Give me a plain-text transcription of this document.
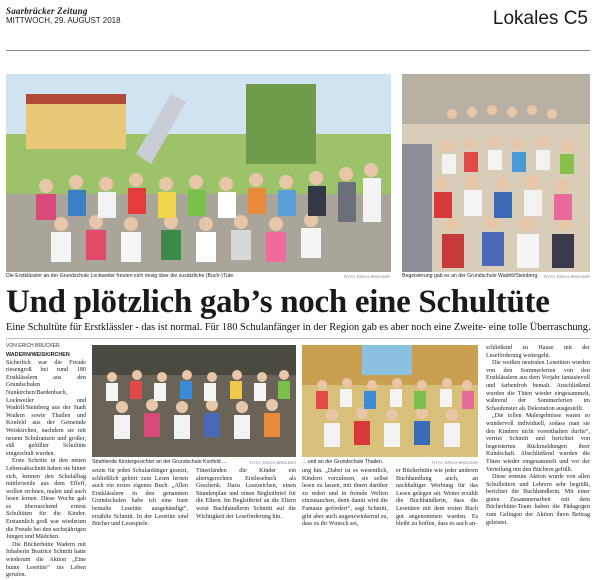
Saarbrücker Zeitung
MITTWOCH, 29. AUGUST 2018	Lokales C5
Die Erstklässler an der Grundschule Lockweiler freuten sich riesig über die zusätzliche (Buch-)Tüte.	FOTO: ERICH BRÜCKER Begeisterung gab es an der Grundschule Wadrill/Steinberg.	FOTO: ERICH BRÜCKER
Und plötzlich gab’s noch eine Schultüte
Eine Schultüte für Erstklässler - das ist normal. Für 180 Schulanfänger in der Region gab es aber noch eine Zweite- eine tolle Überraschung.
VON ERICH BRÜCKER

WADERN/WEISKIRCHEN Sicherlich war die Freude riesengroß bei rund 180 Erstklässlern aus den Grundschulen Nunkirchen/Bardenbach, Lockweiler und Wadrill/Steinberg aus der Stadt Wadern sowie Thailen und Konfeld aus der Gemeinde Weiskirchen, nachdem sie mit neuem Schulranzen und großer, süß gefüllter Schultüte eingeschult wurden.

Erste Schritte in den neuen Lebensabschnitt haben sie hinter sich, kennen den Schulalltag mittlerweile aus dem Effeff, wollen rechnen, malen und auch lesen lernen. Diese Woche gab es überraschend erneut Schultüten für die Kinder. Erstaunlich groß war wiederum die Freude bei den sechsjährigen Jungen und Mädchen.

Die Bücherhütte Wadern mit Inhaberin Beatrice Schmitt hatte wiederum die Aktion „Eine bunte Lesetüte“ ins Leben gerufen.

Strahlende Kindergesichter an der Grundschule Konfeld ...	FOTO: ERICH BRÜCKER ... und an der Grundschule Thailen.	FOTO: ERICH BRÜCKER

setzte für jeden Schulanfänger gesetzt, schließlich gehört zum Lesen lernen auch ein erstes eigenes Buch. „Allen Erstklässlern in den genannten Grundschulen habe ich eine bunt bemalte Lesetüte ausgehändigt“, erzählte Schmitt. In der Lesetüte sind Bücher und Lesespiele.

Tütenfänden die Kinder ein altersgerechtes Erstlesebuch als Geschenk. Dazu Lesezeichen, einen Stundenplan und einen Begleitbrief für die Eltern. Im Begleitbrief an die Eltern weist Buchhändlerin Schmitt auf die Wichtigkeit der Leseförderung hin.

ung hin. „Dabei ist es wesentlich, Kindern vorzulesen, sie selbst lesen zu lassen, mit ihnen darüber zu reden und in fremde Welten einzutauchen, denn damit wird die Fantasie gefördert“, sagt Schmitt, gibt aber auch augenzwinkernd zu, dass es ihr Wunsch sei,

er Bücherhütte wie jeder anderen Buchhandlung auch, an nachhaltiger Werbung für das Lesen gelegen sei. Weiter erzählt die Buchhändlerin, dass die Lesetüten mit dem ersten Buch gut angenommen wurden. Es bleibt zu hoffen, dass es auch an-

schließend zu Hause mit der Leseförderung weitergeht.

Die weißen neutralen Lesetüten wurden von den Sommerferien von den Erstklässlern aus dem Vorjahr fantasievoll und farbenfroh bemalt. Anschließend wurden die Tüten wieder eingesammelt, während der Sommerferien im Schaufenster als Dekoration ausgestellt.

„Die tollen Malergebnisse waren so wundervoll individuell, sodass man sie den Kindern nicht vorenthalten durfte“, verriet Schmitt und berichtet von begeisterten Rückmeldungen ihrer Kundschaft. Abschließend wurden die Tüten wieder eingesammelt und vor der Verteilung mit den Büchern gefüllt.

Diese erneute Aktion wurde von allen Schulleitern und Lehrern sehr begrüßt, berichtet die Buchhändlerin. Mit einer guten Zusammenarbeit mit dem Bücherhütte-Team haben die Pädagogen zum Gelingen der Aktion ihren Beitrag geleistet.
